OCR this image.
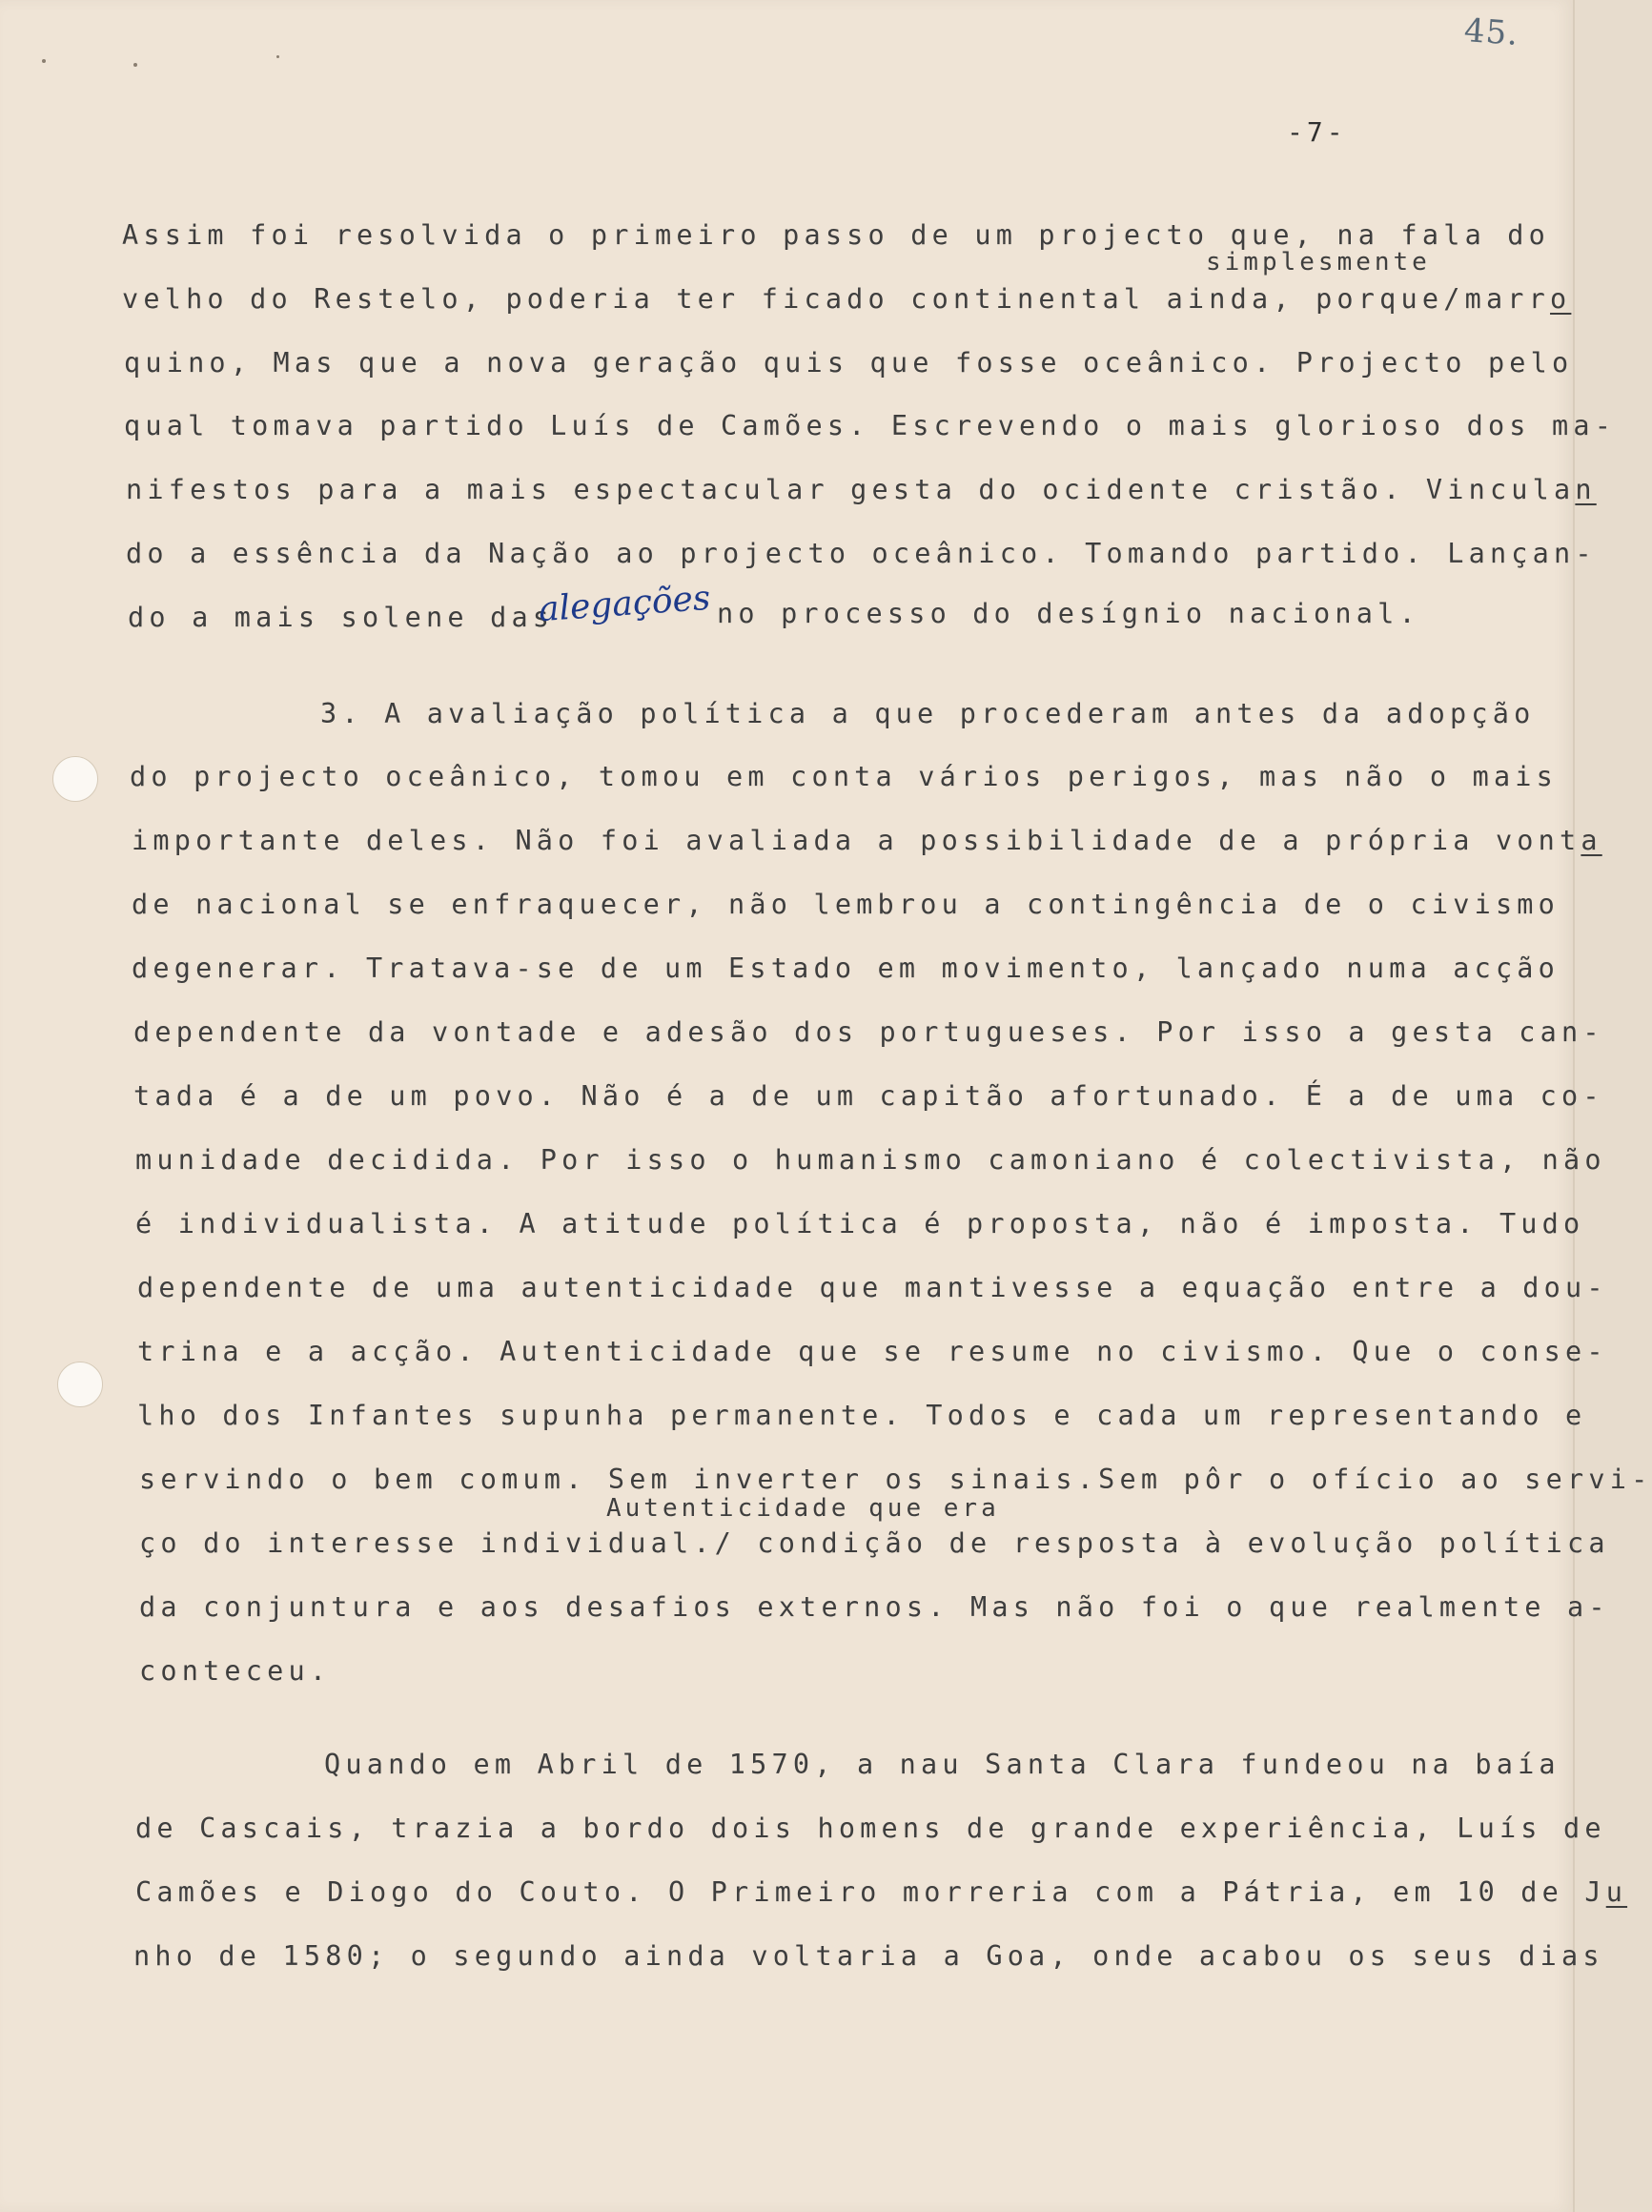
45.
-7-
Assim foi resolvida o primeiro passo de um projecto que, na fala do
simplesmente
velho do Restelo, poderia ter ficado continental ainda, porque/marro
quino, Mas que a nova geração quis que fosse oceânico. Projecto pelo
qual tomava partido Luís de Camões. Escrevendo o mais glorioso dos ma-
nifestos para a mais espectacular gesta do ocidente cristão. Vinculan
do a essência da Nação ao projecto oceânico. Tomando partido. Lançan-
do a mais solene das
alegações no processo do desígnio nacional.
3. A avaliação política a que procederam antes da adopção
do projecto oceânico, tomou em conta vários perigos, mas não o mais
importante deles. Não foi avaliada a possibilidade de a própria vonta
de nacional se enfraquecer, não lembrou a contingência de o civismo
degenerar. Tratava-se de um Estado em movimento, lançado numa acção
dependente da vontade e adesão dos portugueses. Por isso a gesta can-
tada é a de um povo. Não é a de um capitão afortunado. É a de uma co-
munidade decidida. Por isso o humanismo camoniano é colectivista, não
é individualista. A atitude política é proposta, não é imposta. Tudo
dependente de uma autenticidade que mantivesse a equação entre a dou-
trina e a acção. Autenticidade que se resume no civismo. Que o conse-
lho dos Infantes supunha permanente. Todos e cada um representando e
servindo o bem comum. Sem inverter os sinais.Sem pôr o ofício ao servi-
Autenticidade que era
ço do interesse individual./ condição de resposta à evolução política
da conjuntura e aos desafios externos. Mas não foi o que realmente a-
conteceu.
Quando em Abril de 1570, a nau Santa Clara fundeou na baía
de Cascais, trazia a bordo dois homens de grande experiência, Luís de
Camões e Diogo do Couto. O Primeiro morreria com a Pátria, em 10 de Ju
nho de 1580; o segundo ainda voltaria a Goa, onde acabou os seus dias
